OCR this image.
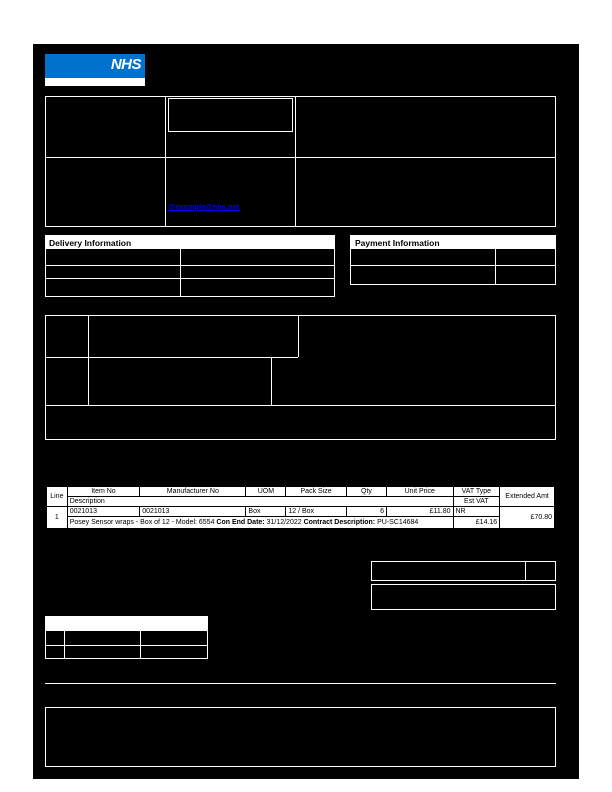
NHS
@example@nhs.net
Delivery Information	Payment Information
Line	Item No	Manufacturer No	UOM	Pack Size	Qty	Unit Price	VAT Type	Extended Amt
	Description						Est VAT	
1	0021013	0021013	Box	12 / Box	6	£11.80	NR	£70.80
	Posey Sensor wraps - Box of 12 - Model: 6554 Con End Date: 31/12/2022 Contract Description: PU-SC14684						£14.16	
